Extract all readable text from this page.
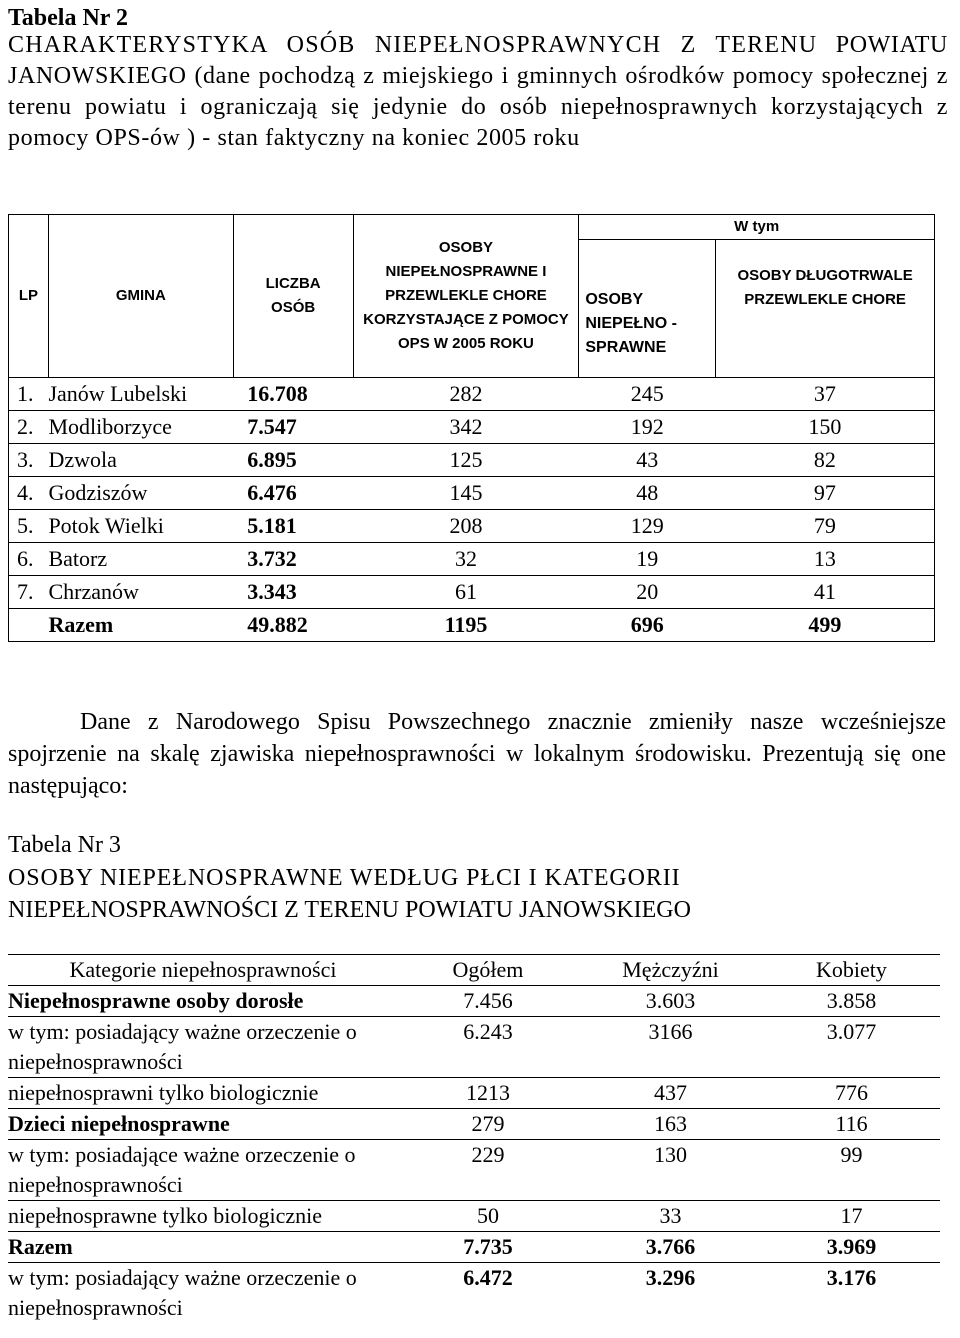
Tabela Nr 2
CHARAKTERYSTYKA OSÓB NIEPEŁNOSPRAWNYCH Z TERENU POWIATU JANOWSKIEGO (dane pochodzą z miejskiego i gminnych ośrodków pomocy społecznej z terenu powiatu i ograniczają się jedynie do osób niepełnosprawnych korzystających z pomocy OPS-ów ) - stan faktyczny na koniec 2005 roku
LP	GMINA	LICZBA OSÓB	OSOBY NIEPEŁNOSPRAWNE I PRZEWLEKLE CHORE KORZYSTAJĄCE Z POMOCY OPS W 2005 ROKU	W tym	
				OSOBY NIEPEŁNO - SPRAWNE	OSOBY DŁUGOTRWALE PRZEWLEKLE CHORE
1.	Janów Lubelski	16.708	282	245	37
2.	Modliborzyce	7.547	342	192	150
3.	Dzwola	6.895	125	43	82
4.	Godziszów	6.476	145	48	97
5.	Potok Wielki	5.181	208	129	79
6.	Batorz	3.732	32	19	13
7.	Chrzanów	3.343	61	20	41
	Razem	49.882	1195	696	499
Dane z Narodowego Spisu Powszechnego znacznie zmieniły nasze wcześniejsze spojrzenie na skalę zjawiska niepełnosprawności w lokalnym środowisku. Prezentują się one następująco:
Tabela Nr 3
OSOBY NIEPEŁNOSPRAWNE WEDŁUG PŁCI I KATEGORII
NIEPEŁNOSPRAWNOŚCI Z TERENU POWIATU JANOWSKIEGO
Kategorie niepełnosprawności	Ogółem	Mężczyźni	Kobiety
Niepełnosprawne osoby dorosłe	7.456	3.603	3.858
w tym: posiadający ważne orzeczenie o niepełnosprawności	6.243	3166	3.077
niepełnosprawni tylko biologicznie	1213	437	776
Dzieci niepełnosprawne	279	163	116
w tym: posiadające ważne orzeczenie o niepełnosprawności	229	130	99
niepełnosprawne tylko biologicznie	50	33	17
Razem	7.735	3.766	3.969
w tym: posiadający ważne orzeczenie o niepełnosprawności	6.472	3.296	3.176
